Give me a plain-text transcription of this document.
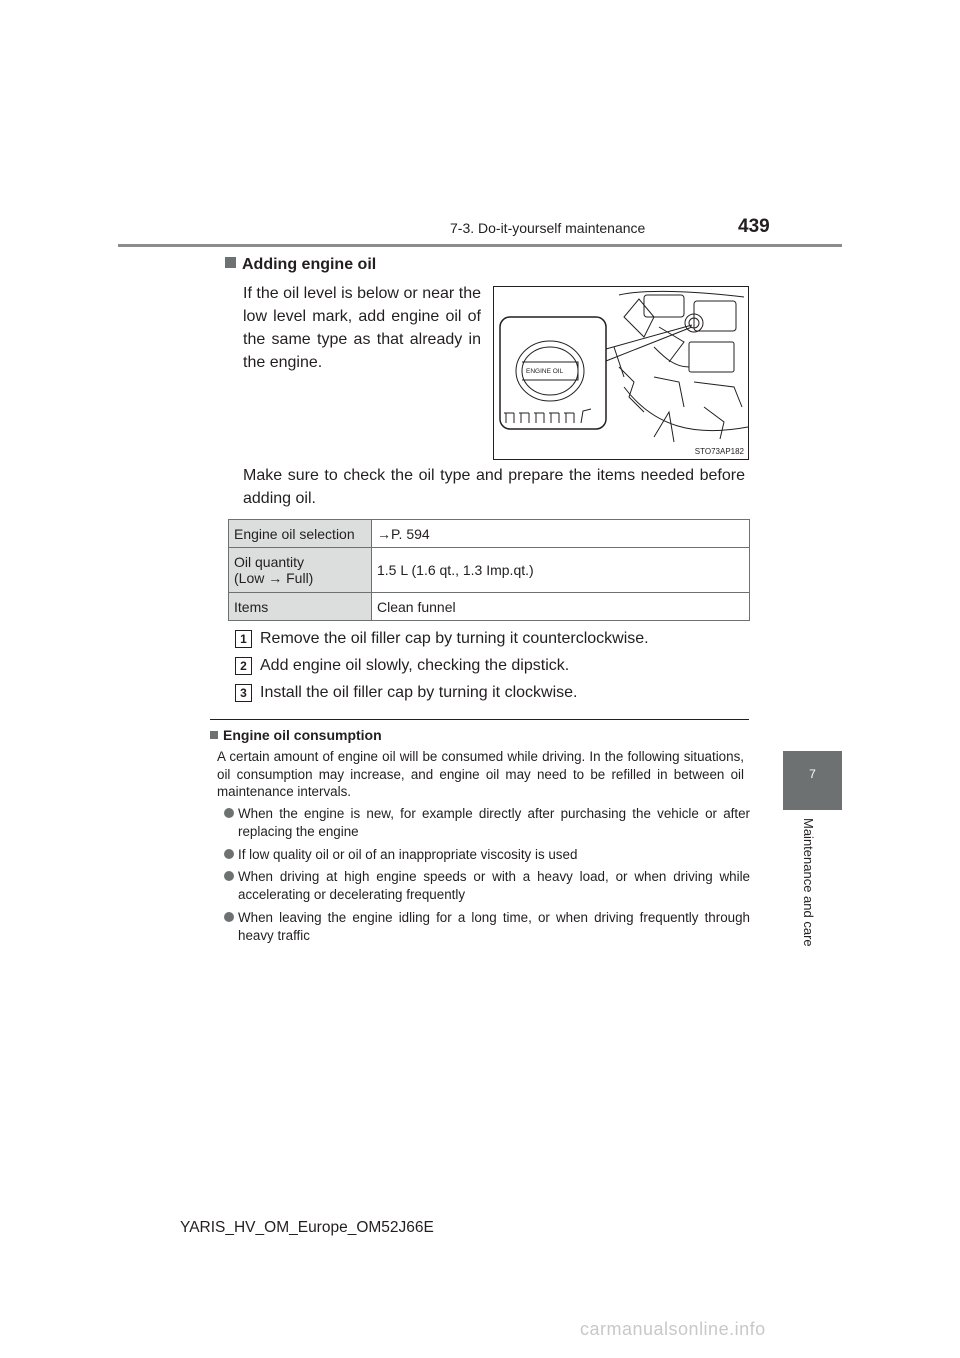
7-3. Do-it-yourself maintenance	439
7
Maintenance and care
Adding engine oil
If the oil level is below or near the low level mark, add engine oil of the same type as that already in the engine.
ENGINE OIL
STO73AP182
Make sure to check the oil type and prepare the items needed before adding oil.
Engine oil selection	→P. 594
Oil quantity
(Low → Full)	1.5 L (1.6 qt., 1.3 Imp.qt.)
Items	Clean funnel
1 Remove the oil filler cap by turning it counterclockwise.
2 Add engine oil slowly, checking the dipstick.
3 Install the oil filler cap by turning it clockwise.
Engine oil consumption
A certain amount of engine oil will be consumed while driving. In the following situations, oil consumption may increase, and engine oil may need to be refilled in between oil maintenance intervals.
When the engine is new, for example directly after purchasing the vehicle or after replacing the engine
If low quality oil or oil of an inappropriate viscosity is used
When driving at high engine speeds or with a heavy load, or when driving while accelerating or decelerating frequently
When leaving the engine idling for a long time, or when driving frequently through heavy traffic
YARIS_HV_OM_Europe_OM52J66E
carmanualsonline.info
